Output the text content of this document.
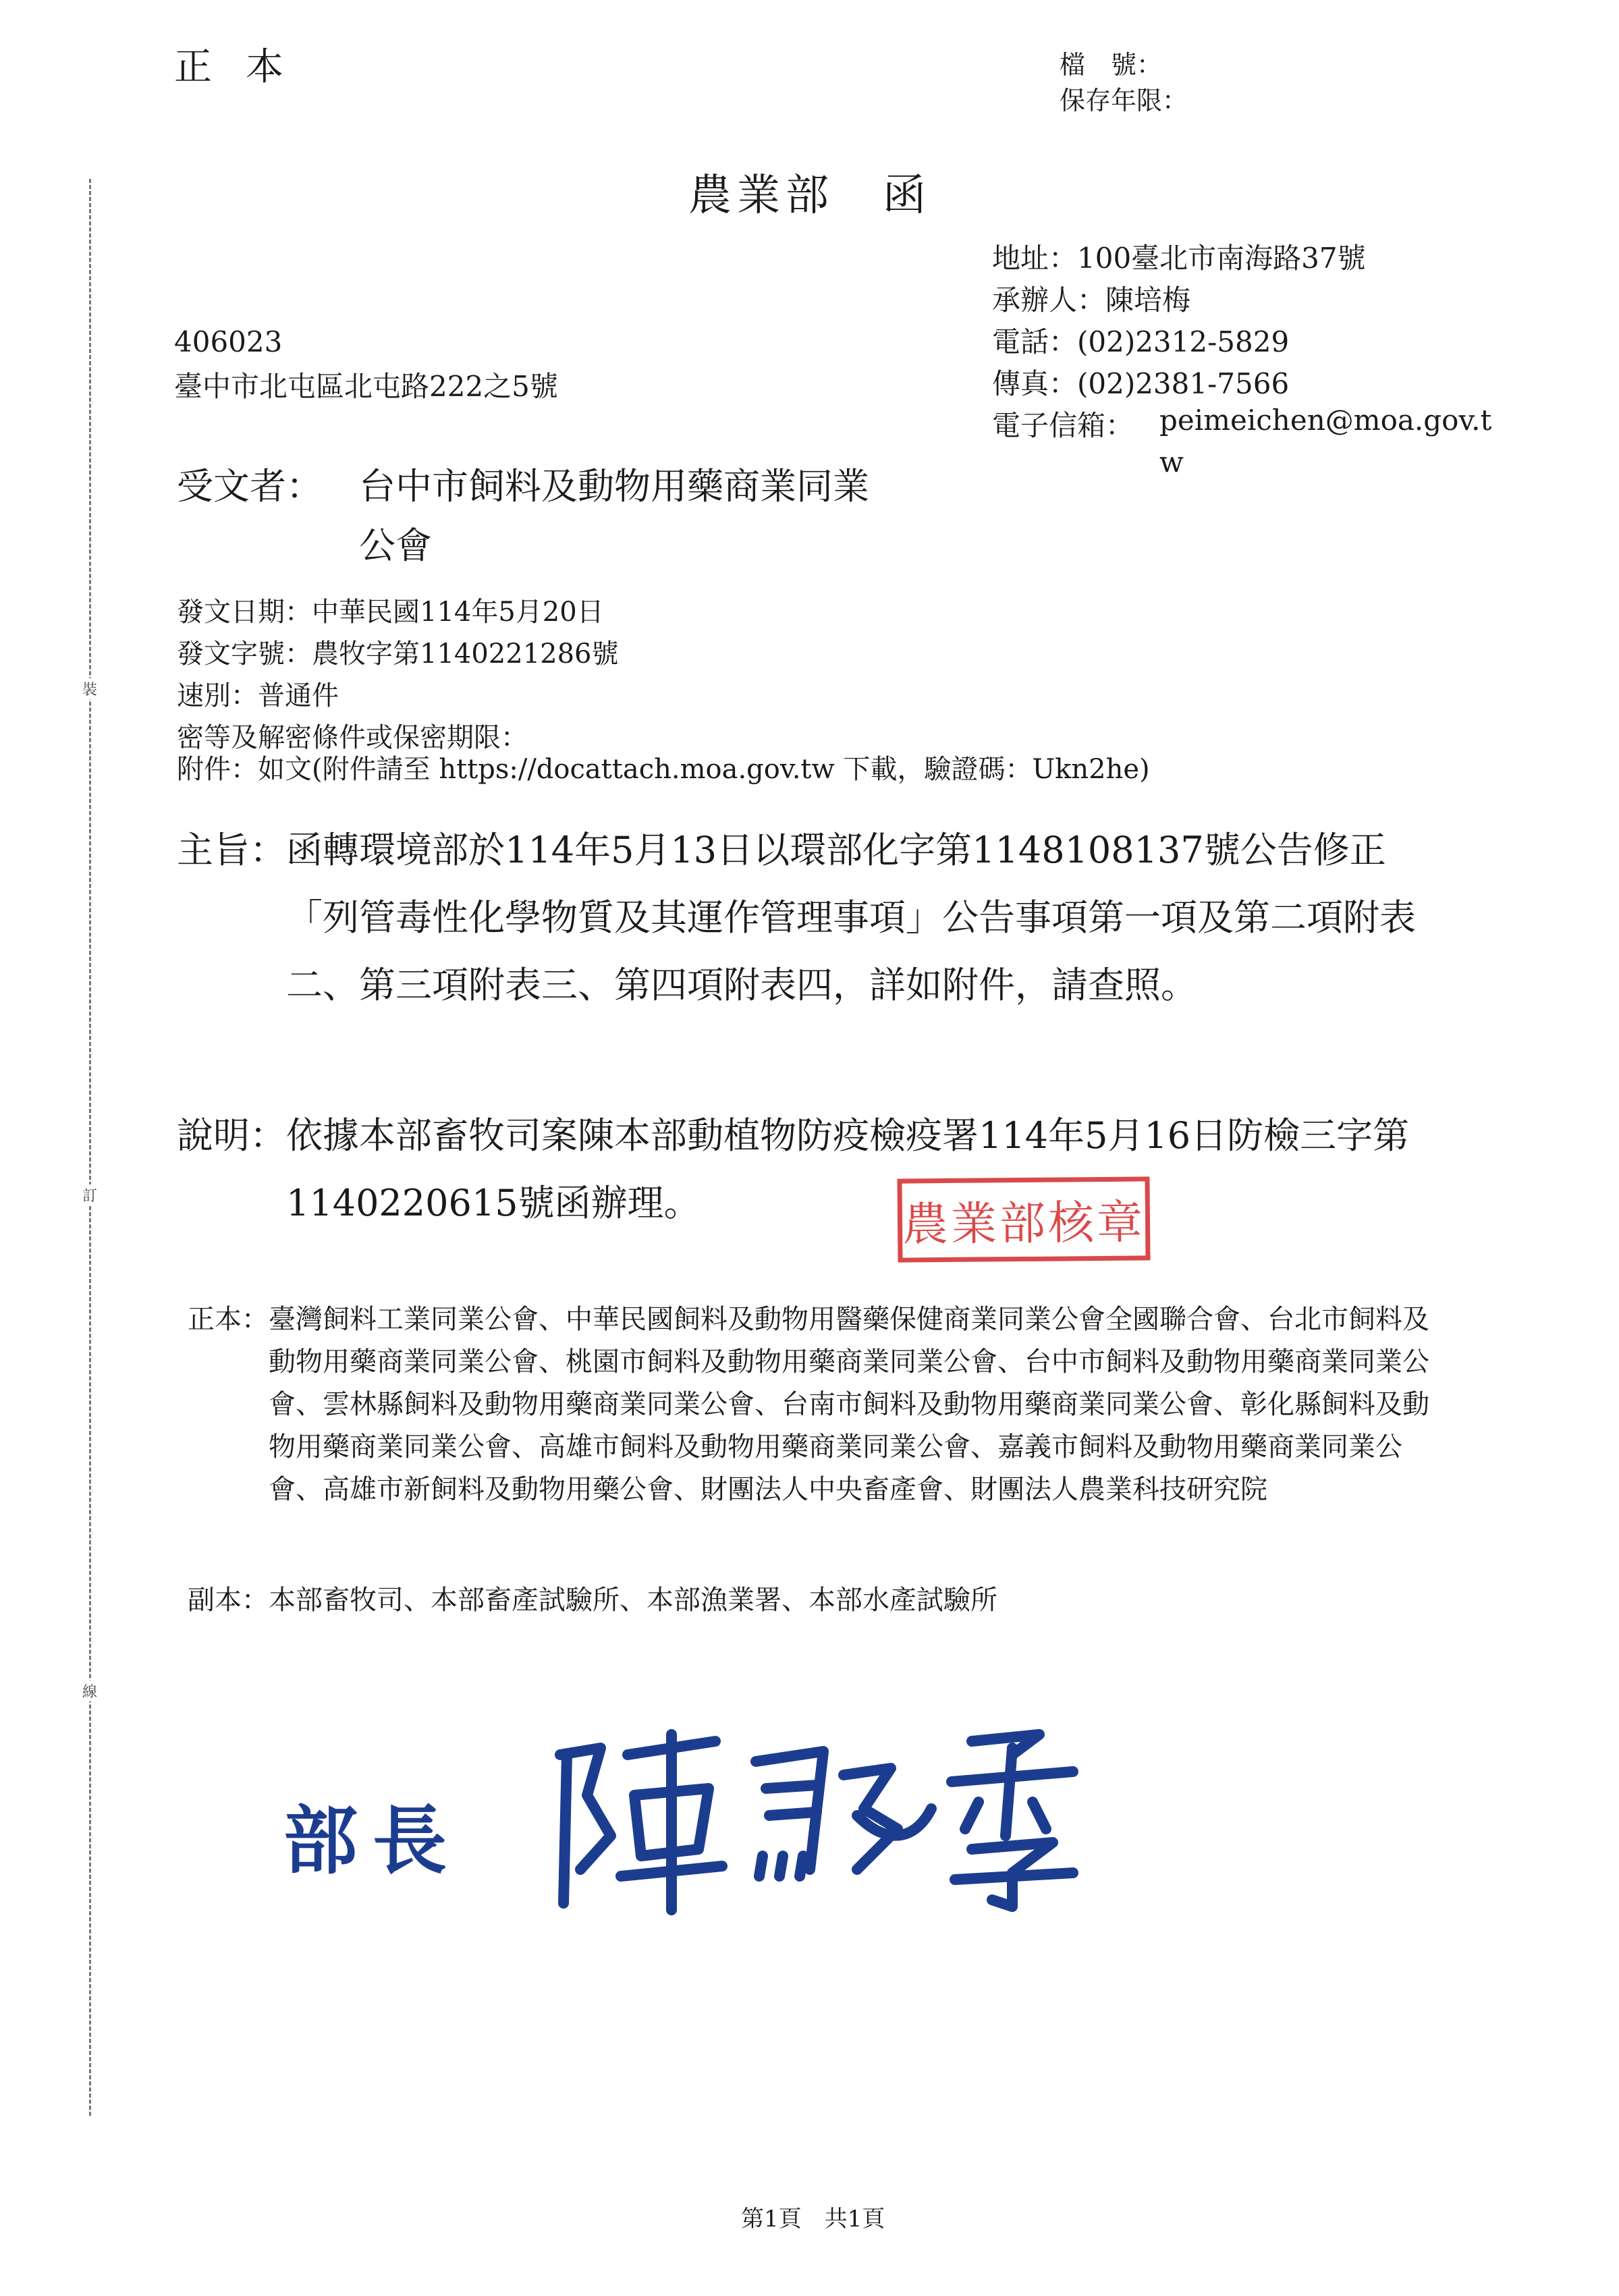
裝
訂
線
正本	檔　號：
保存年限：
農業部　函
地址：100臺北市南海路37號
承辦人：陳培梅
電話：(02)2312-5829
傳真：(02)2381-7566
電子信箱： peimeichen@moa.gov.t
w
406023
臺中市北屯區北屯路222之5號
受文者： 台中市飼料及動物用藥商業同業
公會
發文日期：中華民國114年5月20日
發文字號：農牧字第1140221286號
速別：普通件
密等及解密條件或保密期限：
附件：如文(附件請至 https://docattach.moa.gov.tw 下載，驗證碼：Ukn2he)
主旨： 函轉環境部於114年5月13日以環部化字第1148108137號公告修正「列管毒性化學物質及其運作管理事項」公告事項第一項及第二項附表二、第三項附表三、第四項附表四，詳如附件，請查照。
說明： 依據本部畜牧司案陳本部動植物防疫檢疫署114年5月16日防檢三字第1140220615號函辦理。	農業部核章
正本： 臺灣飼料工業同業公會、中華民國飼料及動物用醫藥保健商業同業公會全國聯合會、台北市飼料及動物用藥商業同業公會、桃園市飼料及動物用藥商業同業公會、台中市飼料及動物用藥商業同業公會、雲林縣飼料及動物用藥商業同業公會、台南市飼料及動物用藥商業同業公會、彰化縣飼料及動物用藥商業同業公會、高雄市飼料及動物用藥商業同業公會、嘉義市飼料及動物用藥商業同業公會、高雄市新飼料及動物用藥公會、財團法人中央畜產會、財團法人農業科技研究院
副本： 本部畜牧司、本部畜產試驗所、本部漁業署、本部水產試驗所
部長
第1頁　共1頁
